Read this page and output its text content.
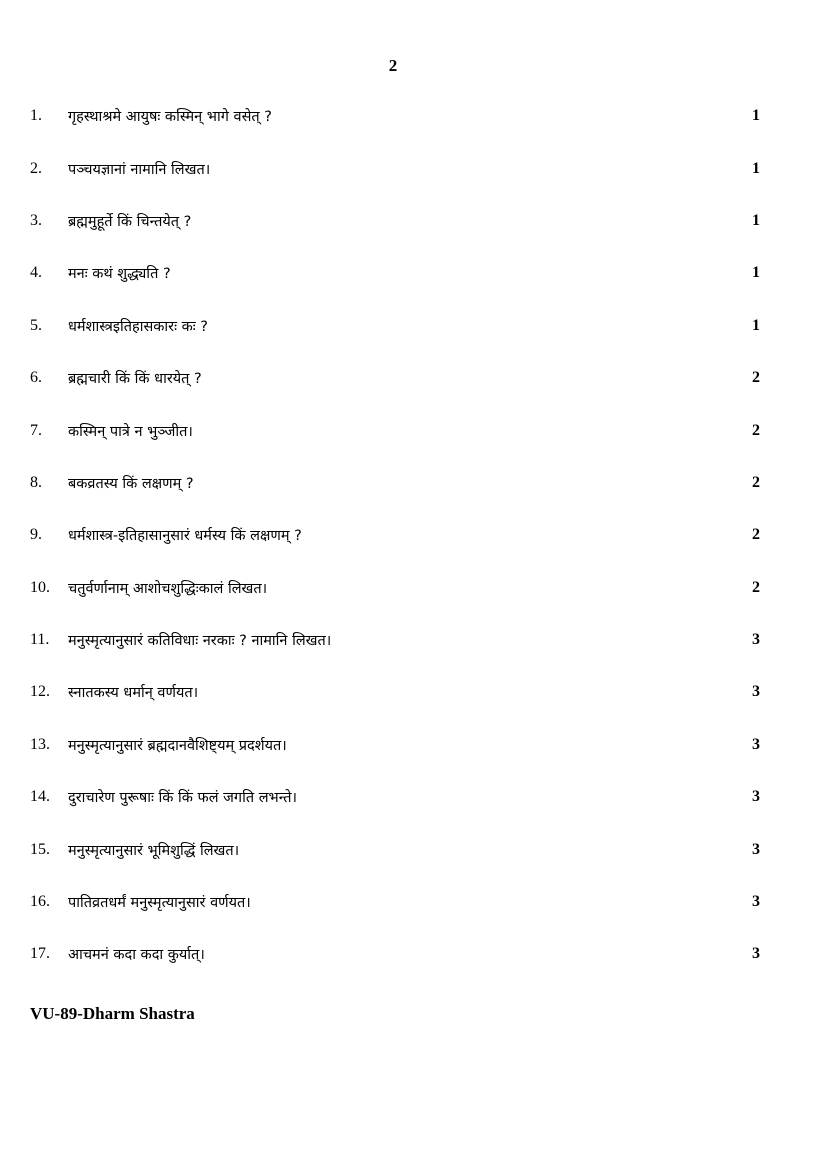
2
1.	गृहस्थाश्रमे आयुषः कस्मिन् भागे वसेत् ?	1
2.	पञ्चयज्ञानां नामानि लिखत।	1
3.	ब्रह्ममुहूर्ते किं चिन्तयेत् ?	1
4.	मनः कथं शुद्ध्यति ?	1
5.	धर्मशास्त्रइतिहासकारः कः ?	1
6.	ब्रह्मचारी किं किं धारयेत् ?	2
7.	कस्मिन् पात्रे न भुञ्जीत।	2
8.	बकव्रतस्य किं लक्षणम् ?	2
9.	धर्मशास्त्र-इतिहासानुसारं धर्मस्य किं लक्षणम् ?	2
10.	चतुर्वर्णानाम् आशोचशुद्धिःकालं लिखत।	2
11.	मनुस्मृत्यानुसारं कतिविधाः नरकाः ? नामानि लिखत।	3
12.	स्नातकस्य धर्मान् वर्णयत।	3
13.	मनुस्मृत्यानुसारं ब्रह्मदानवैशिष्ट्यम् प्रदर्शयत।	3
14.	दुराचारेण पुरूषाः किं किं फलं जगति लभन्ते।	3
15.	मनुस्मृत्यानुसारं भूमिशुद्धिं लिखत।	3
16.	पातिव्रतधर्मं मनुस्मृत्यानुसारं वर्णयत।	3
17.	आचमनं कदा कदा कुर्यात्।	3
VU-89-Dharm Shastra
